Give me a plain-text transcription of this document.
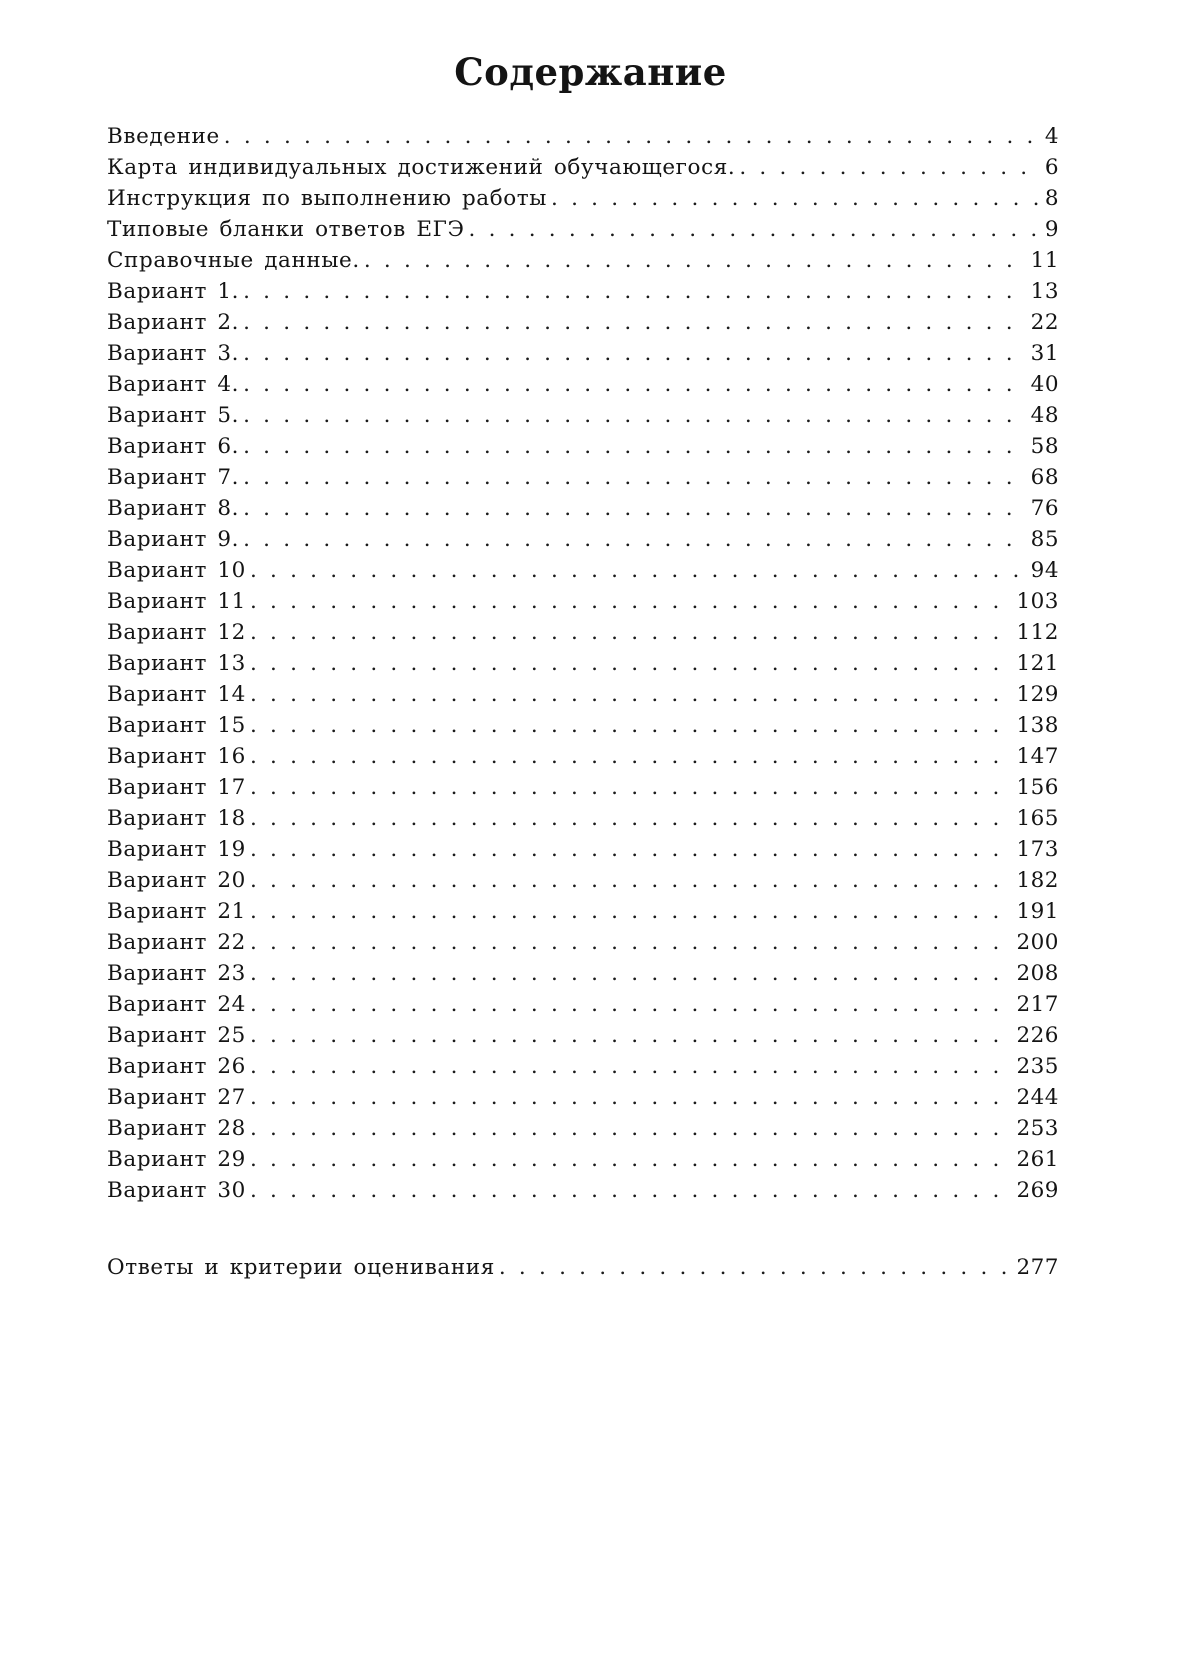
Содержание
Введение . . .	4
Карта индивидуальных достижений обучающегося. . . .	6
Инструкция по выполнению работы . . .	8
Типовые бланки ответов ЕГЭ . . .	9
Справочные данные. . . .	11
Вариант 1. . . .	13
Вариант 2. . . .	22
Вариант 3. . . .	31
Вариант 4. . . .	40
Вариант 5. . . .	48
Вариант 6. . . .	58
Вариант 7. . . .	68
Вариант 8. . . .	76
Вариант 9. . . .	85
Вариант 10 . . .	94
Вариант 11 . . .	103
Вариант 12 . . .	112
Вариант 13 . . .	121
Вариант 14 . . .	129
Вариант 15 . . .	138
Вариант 16 . . .	147
Вариант 17 . . .	156
Вариант 18 . . .	165
Вариант 19 . . .	173
Вариант 20 . . .	182
Вариант 21 . . .	191
Вариант 22 . . .	200
Вариант 23 . . .	208
Вариант 24 . . .	217
Вариант 25 . . .	226
Вариант 26 . . .	235
Вариант 27 . . .	244
Вариант 28 . . .	253
Вариант 29 . . .	261
Вариант 30 . . .	269
Ответы и критерии оценивания . . .	277
